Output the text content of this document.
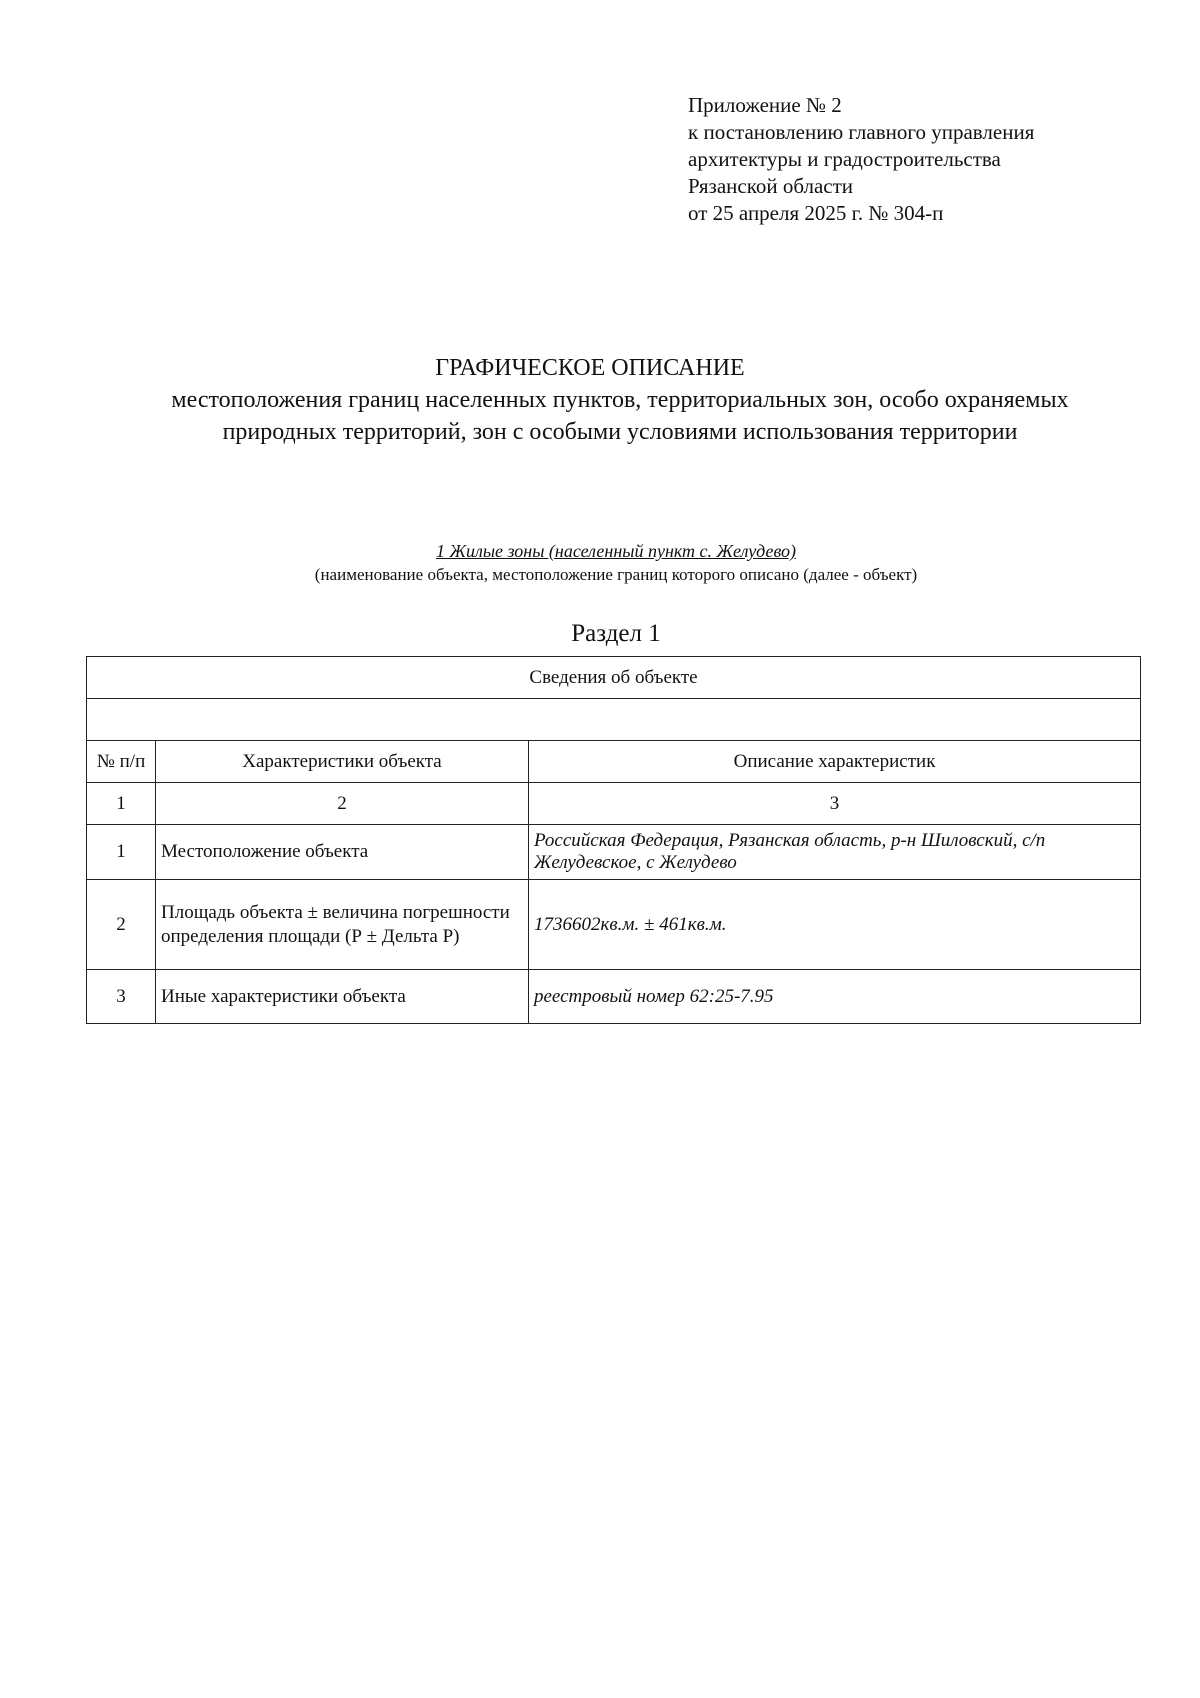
Приложение № 2
к постановлению главного управления
архитектуры и градостроительства
Рязанской области
от 25 апреля 2025 г. № 304-п
ГРАФИЧЕСКОЕ ОПИСАНИЕ
местоположения границ населенных пунктов, территориальных зон, особо охраняемых природных территорий, зон с особыми условиями использования территории
1 Жилые зоны (населенный пункт с. Желудево)
(наименование объекта, местоположение границ которого описано (далее - объект)
Раздел 1
Сведения об объекте		

№ п/п	Характеристики объекта	Описание характеристик
1	2	3
1	Местоположение объекта	Российская Федерация, Рязанская область, р-н Шиловский, с/п Желудевское, с Желудево
2	Площадь объекта ± величина погрешности определения площади (Р ± Дельта Р)	1736602кв.м. ± 461кв.м.
3	Иные характеристики объекта	реестровый номер 62:25-7.95
